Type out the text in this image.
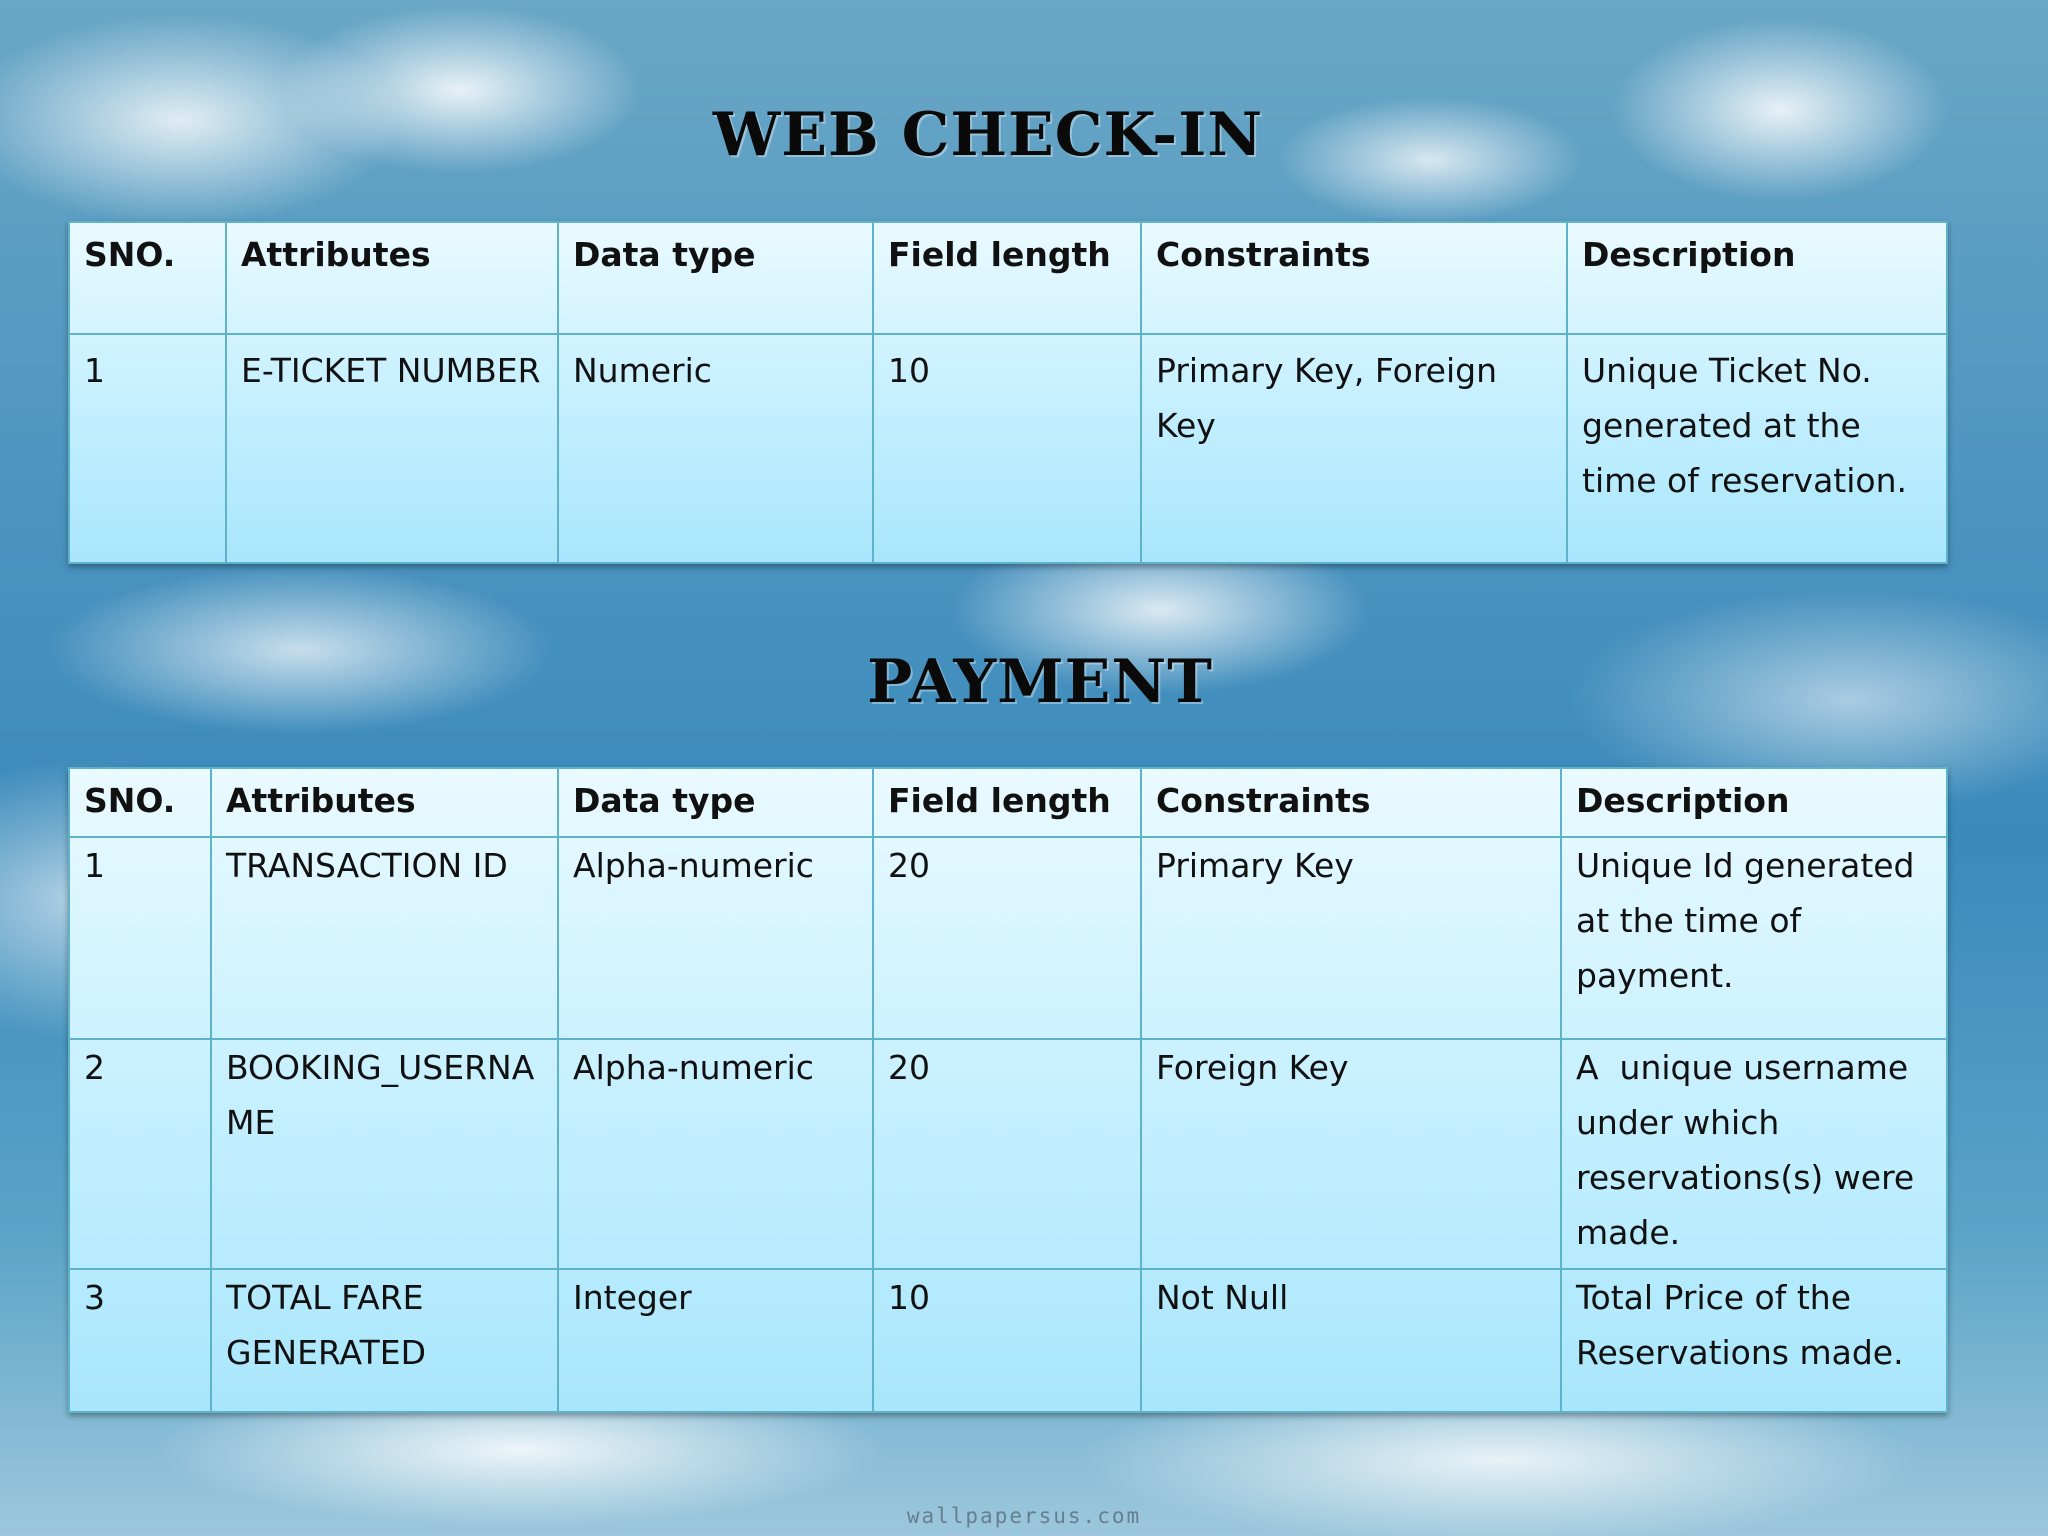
WEB CHECK-IN
SNO.	Attributes	Data type	Field length	Constraints	Description
1	E-TICKET NUMBER	Numeric	10	Primary Key, Foreign Key	Unique Ticket No. generated at the time of reservation.
PAYMENT
SNO.	Attributes	Data type	Field length	Constraints	Description
1	TRANSACTION ID	Alpha-numeric	20	Primary Key	Unique Id generated at the time of payment.
2	BOOKING_USERNAME	Alpha-numeric	20	Foreign Key	A  unique username under which reservations(s) were made.
3	TOTAL FARE GENERATED	Integer	10	Not Null	Total Price of the Reservations made.
wallpapersus.com
